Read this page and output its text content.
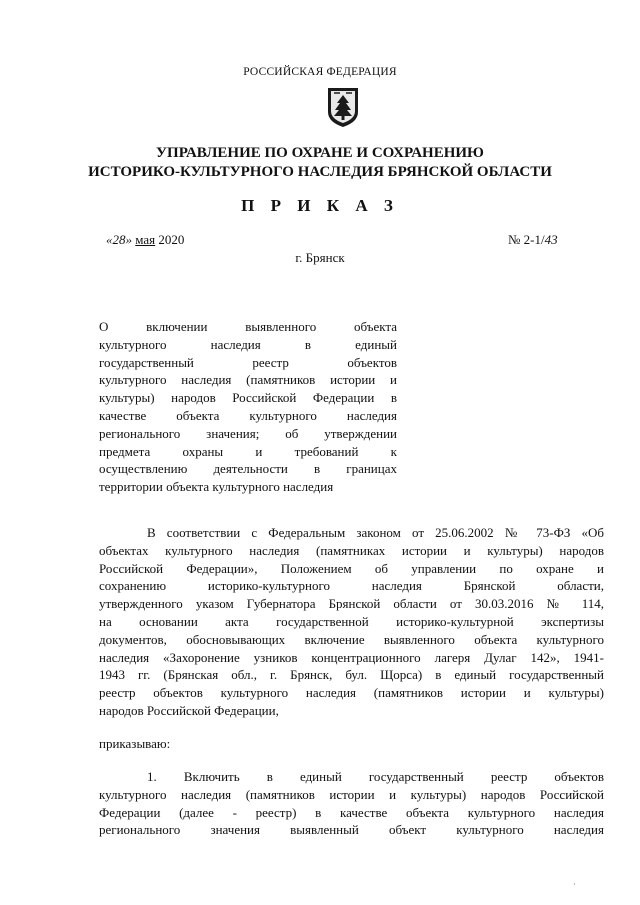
РОССИЙСКАЯ ФЕДЕРАЦИЯ
УПРАВЛЕНИЕ ПО ОХРАНЕ И СОХРАНЕНИЮ
ИСТОРИКО-КУЛЬТУРНОГО НАСЛЕДИЯ БРЯНСКОЙ ОБЛАСТИ
П Р И К А З
«28» мая 2020	№ 2-1/43
г. Брянск
О включении выявленного объекта
культурного наследия в единый
государственный реестр объектов
культурного наследия (памятников истории и
культуры) народов Российской Федерации в
качестве объекта культурного наследия
регионального значения; об утверждении
предмета охраны и требований к
осуществлению деятельности в границах
территории объекта культурного наследия
В соответствии с Федеральным законом от 25.06.2002 № 73-ФЗ «Об
объектах культурного наследия (памятниках истории и культуры) народов
Российской Федерации», Положением об управлении по охране и
сохранению историко-культурного наследия Брянской области,
утвержденного указом Губернатора Брянской области от 30.03.2016 № 114,
на основании акта государственной историко-культурной экспертизы
документов, обосновывающих включение выявленного объекта культурного
наследия «Захоронение узников концентрационного лагеря Дулаг 142», 1941-
1943 гг. (Брянская обл., г. Брянск, бул. Щорса) в единый государственный
реестр объектов культурного наследия (памятников истории и культуры)
народов Российской Федерации,
приказываю:
1. Включить в единый государственный реестр объектов
культурного наследия (памятников истории и культуры) народов Российской
Федерации (далее - реестр) в качестве объекта культурного наследия
регионального значения выявленный объект культурного наследия
·
